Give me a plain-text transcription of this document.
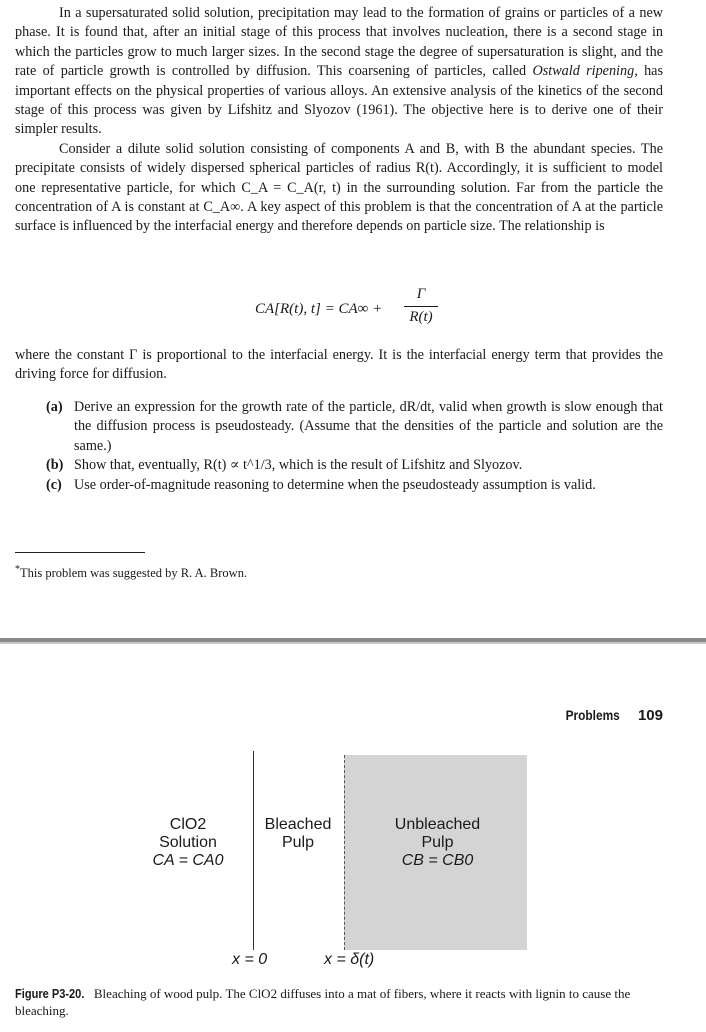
In a supersaturated solid solution, precipitation may lead to the formation of grains or particles of a new phase. It is found that, after an initial stage of this process that involves nucleation, there is a second stage in which the particles grow to much larger sizes. In the second stage the degree of supersaturation is slight, and the rate of particle growth is controlled by diffusion. This coarsening of particles, called Ostwald ripening, has important effects on the physical properties of various alloys. An extensive analysis of the kinetics of the second stage of this process was given by Lifshitz and Slyozov (1961). The objective here is to derive one of their simpler results.

Consider a dilute solid solution consisting of components A and B, with B the abundant species. The precipitate consists of widely dispersed spherical particles of radius R(t). Accordingly, it is sufficient to model one representative particle, for which C_A = C_A(r, t) in the surrounding solution. Far from the particle the concentration of A is constant at C_A∞. A key aspect of this problem is that the concentration of A at the particle surface is influenced by the interfacial energy and therefore depends on particle size. The relationship is

CA[R(t), t] = CA∞ +
Γ
R(t)

where the constant Γ is proportional to the interfacial energy. It is the interfacial energy term that provides the driving force for diffusion.

(a) Derive an expression for the growth rate of the particle, dR/dt, valid when growth is slow enough that the diffusion process is pseudosteady. (Assume that the densities of the particle and solution are the same.)

(b) Show that, eventually, R(t) ∝ t^1/3, which is the result of Lifshitz and Slyozov.

(c) Use order-of-magnitude reasoning to determine when the pseudosteady assumption is valid.

*This problem was suggested by R. A. Brown.
Problems 109
ClO2
Solution
CA = CA0
Bleached
Pulp
Unbleached
Pulp
CB = CB0
x = 0	x = δ(t)
Figure P3-20. Bleaching of wood pulp. The ClO2 diffuses into a mat of fibers, where it reacts with lignin to cause the bleaching.
